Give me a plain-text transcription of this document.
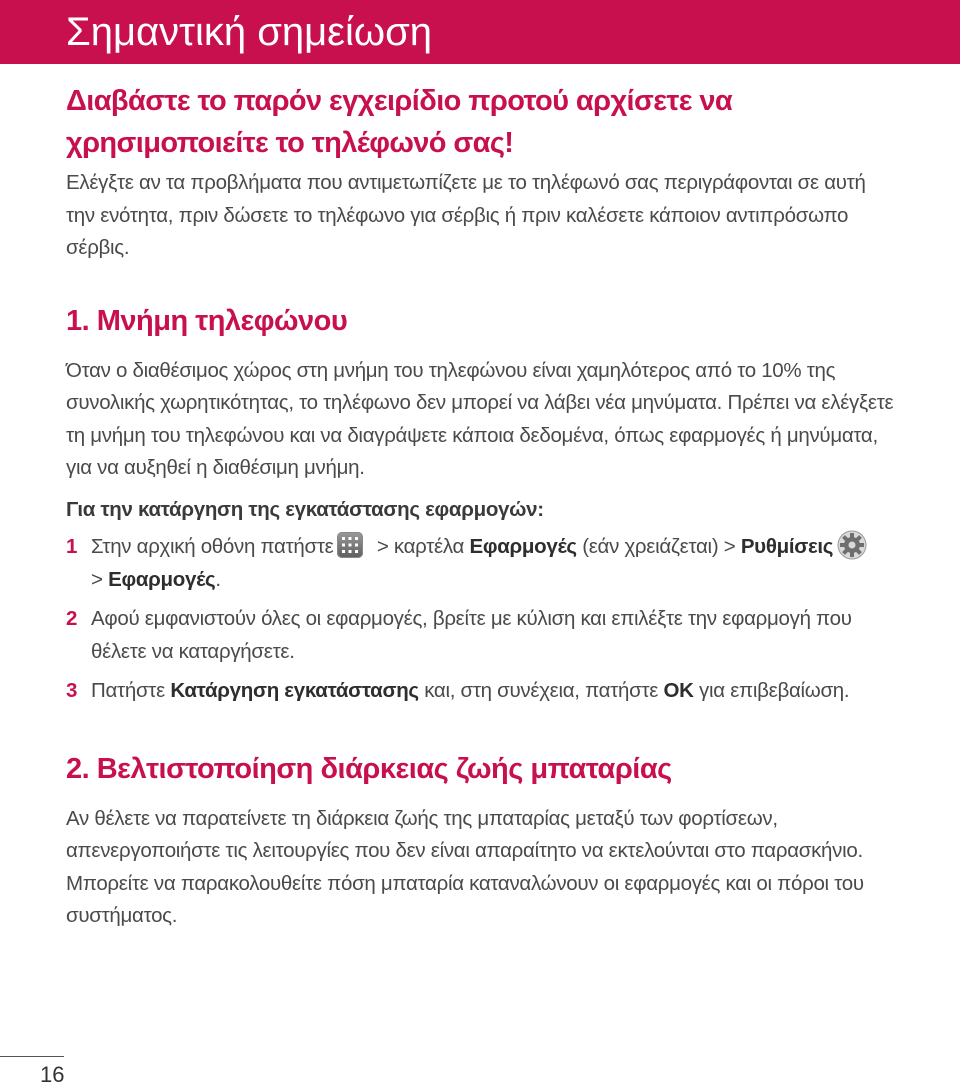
Σημαντική σημείωση
Διαβάστε το παρόν εγχειρίδιο προτού αρχίσετε να χρησιμοποιείτε το τηλέφωνό σας!

Ελέγξτε αν τα προβλήματα που αντιμετωπίζετε με το τηλέφωνό σας περιγράφονται σε αυτή την ενότητα, πριν δώσετε το τηλέφωνο για σέρβις ή πριν καλέσετε κάποιον αντιπρόσωπο σέρβις.

1. Μνήμη τηλεφώνου

Όταν ο διαθέσιμος χώρος στη μνήμη του τηλεφώνου είναι χαμηλότερος από το 10% της συνολικής χωρητικότητας, το τηλέφωνο δεν μπορεί να λάβει νέα μηνύματα. Πρέπει να ελέγξετε τη μνήμη του τηλεφώνου και να διαγράψετε κάποια δεδομένα, όπως εφαρμογές ή μηνύματα, για να αυξηθεί η διαθέσιμη μνήμη.

Για την κατάργηση της εγκατάστασης εφαρμογών:
1 Στην αρχική οθόνη πατήστε
> καρτέλα Εφαρμογές (εάν χρειάζεται) > Ρυθμίσεις > Εφαρμογές.
2 Αφού εμφανιστούν όλες οι εφαρμογές, βρείτε με κύλιση και επιλέξτε την εφαρμογή που θέλετε να καταργήσετε.
3 Πατήστε Κατάργηση εγκατάστασης και, στη συνέχεια, πατήστε OK για επιβεβαίωση.
2. Βελτιστοποίηση διάρκειας ζωής μπαταρίας

Αν θέλετε να παρατείνετε τη διάρκεια ζωής της μπαταρίας μεταξύ των φορτίσεων, απενεργοποιήστε τις λειτουργίες που δεν είναι απαραίτητο να εκτελούνται στο παρασκήνιο. Μπορείτε να παρακολουθείτε πόση μπαταρία καταναλώνουν οι εφαρμογές και οι πόροι του συστήματος.

16
